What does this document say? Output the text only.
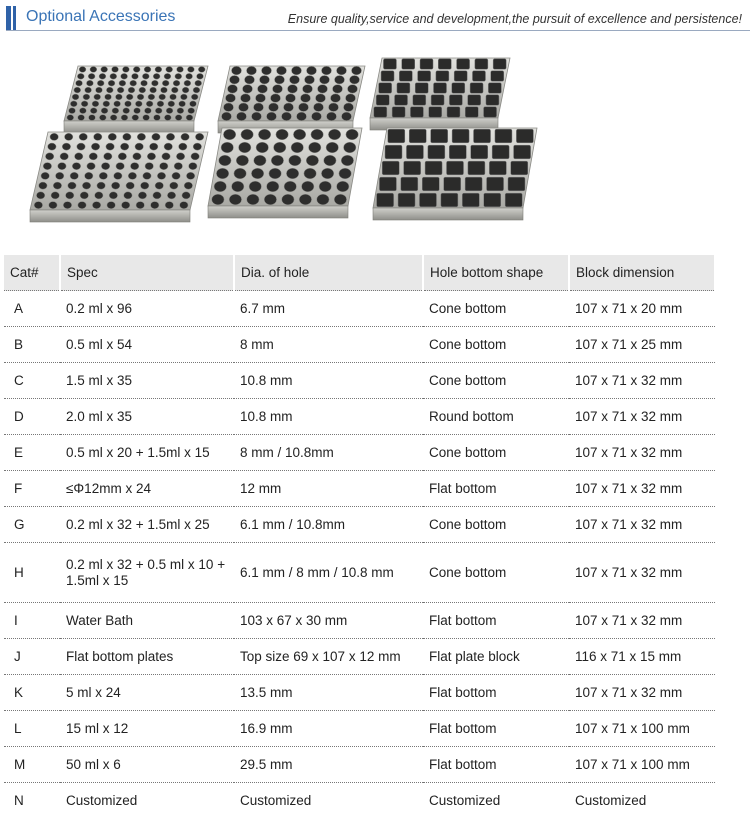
Optional Accessories	Ensure quality,service and development,the pursuit of excellence and persistence!
Cat#	Spec	Dia. of hole	Hole bottom shape	Block dimension
A	0.2 ml x 96	6.7 mm	Cone bottom	107 x 71 x 20 mm
B	0.5 ml x 54	8 mm	Cone bottom	107 x 71 x 25 mm
C	1.5 ml x 35	10.8 mm	Cone bottom	107 x 71 x 32 mm
D	2.0 ml x 35	10.8 mm	Round bottom	107 x 71 x 32 mm
E	0.5 ml x 20 + 1.5ml x 15	8 mm / 10.8mm	Cone bottom	107 x 71 x 32 mm
F	≤Φ12mm x 24	12 mm	Flat bottom	107 x 71 x 32 mm
G	0.2 ml x 32 + 1.5ml x 25	6.1 mm / 10.8mm	Cone bottom	107 x 71 x 32 mm
H	0.2 ml x 32 + 0.5 ml x 10 + 1.5ml x 15	6.1 mm / 8 mm / 10.8 mm	Cone bottom	107 x 71 x 32 mm
I	Water Bath	103 x 67 x 30 mm	Flat bottom	107 x 71 x 32 mm
J	Flat bottom plates	Top size 69 x 107 x 12 mm	Flat plate block	116 x 71 x 15 mm
K	5 ml x 24	13.5 mm	Flat bottom	107 x 71 x 32 mm
L	15 ml x 12	16.9 mm	Flat bottom	107 x 71 x 100 mm
M	50 ml x 6	29.5 mm	Flat bottom	107 x 71 x 100 mm
N	Customized	Customized	Customized	Customized
